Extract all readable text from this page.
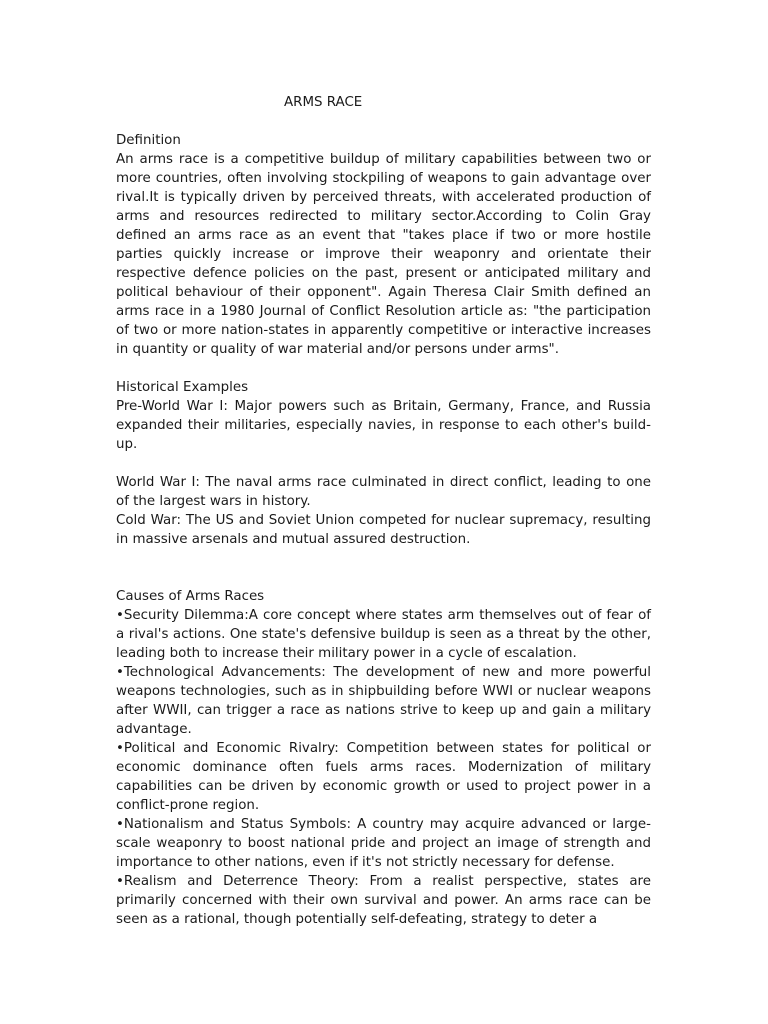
ARMS RACE
Definition

An arms race is a competitive buildup of military capabilities between two or more countries, often involving stockpiling of weapons to gain advantage over rival.It is typically driven by perceived threats, with accelerated production of arms and resources redirected to military sector.According to Colin Gray defined an arms race as an event that "takes place if two or more hostile parties quickly increase or improve their weaponry and orientate their respective defence policies on the past, present or anticipated military and political behaviour of their opponent". Again Theresa Clair Smith defined an arms race in a 1980 Journal of Conflict Resolution article as: "the participation of two or more nation-states in apparently competitive or interactive increases in quantity or quality of war material and/or persons under arms".

Historical Examples

Pre-World War I: Major powers such as Britain, Germany, France, and Russia expanded their militaries, especially navies, in response to each other's build-up.

World War I: The naval arms race culminated in direct conflict, leading to one of the largest wars in history.

Cold War: The US and Soviet Union competed for nuclear supremacy, resulting in massive arsenals and mutual assured destruction.

Causes of Arms Races

•Security Dilemma:A core concept where states arm themselves out of fear of a rival's actions. One state's defensive buildup is seen as a threat by the other, leading both to increase their military power in a cycle of escalation.

•Technological Advancements: The development of new and more powerful weapons technologies, such as in shipbuilding before WWI or nuclear weapons after WWII, can trigger a race as nations strive to keep up and gain a military advantage.

•Political and Economic Rivalry: Competition between states for political or economic dominance often fuels arms races. Modernization of military capabilities can be driven by economic growth or used to project power in a conflict-prone region.

•Nationalism and Status Symbols: A country may acquire advanced or large-scale weaponry to boost national pride and project an image of strength and importance to other nations, even if it's not strictly necessary for defense.

•Realism and Deterrence Theory: From a realist perspective, states are primarily concerned with their own survival and power. An arms race can be seen as a rational, though potentially self-defeating, strategy to deter a
